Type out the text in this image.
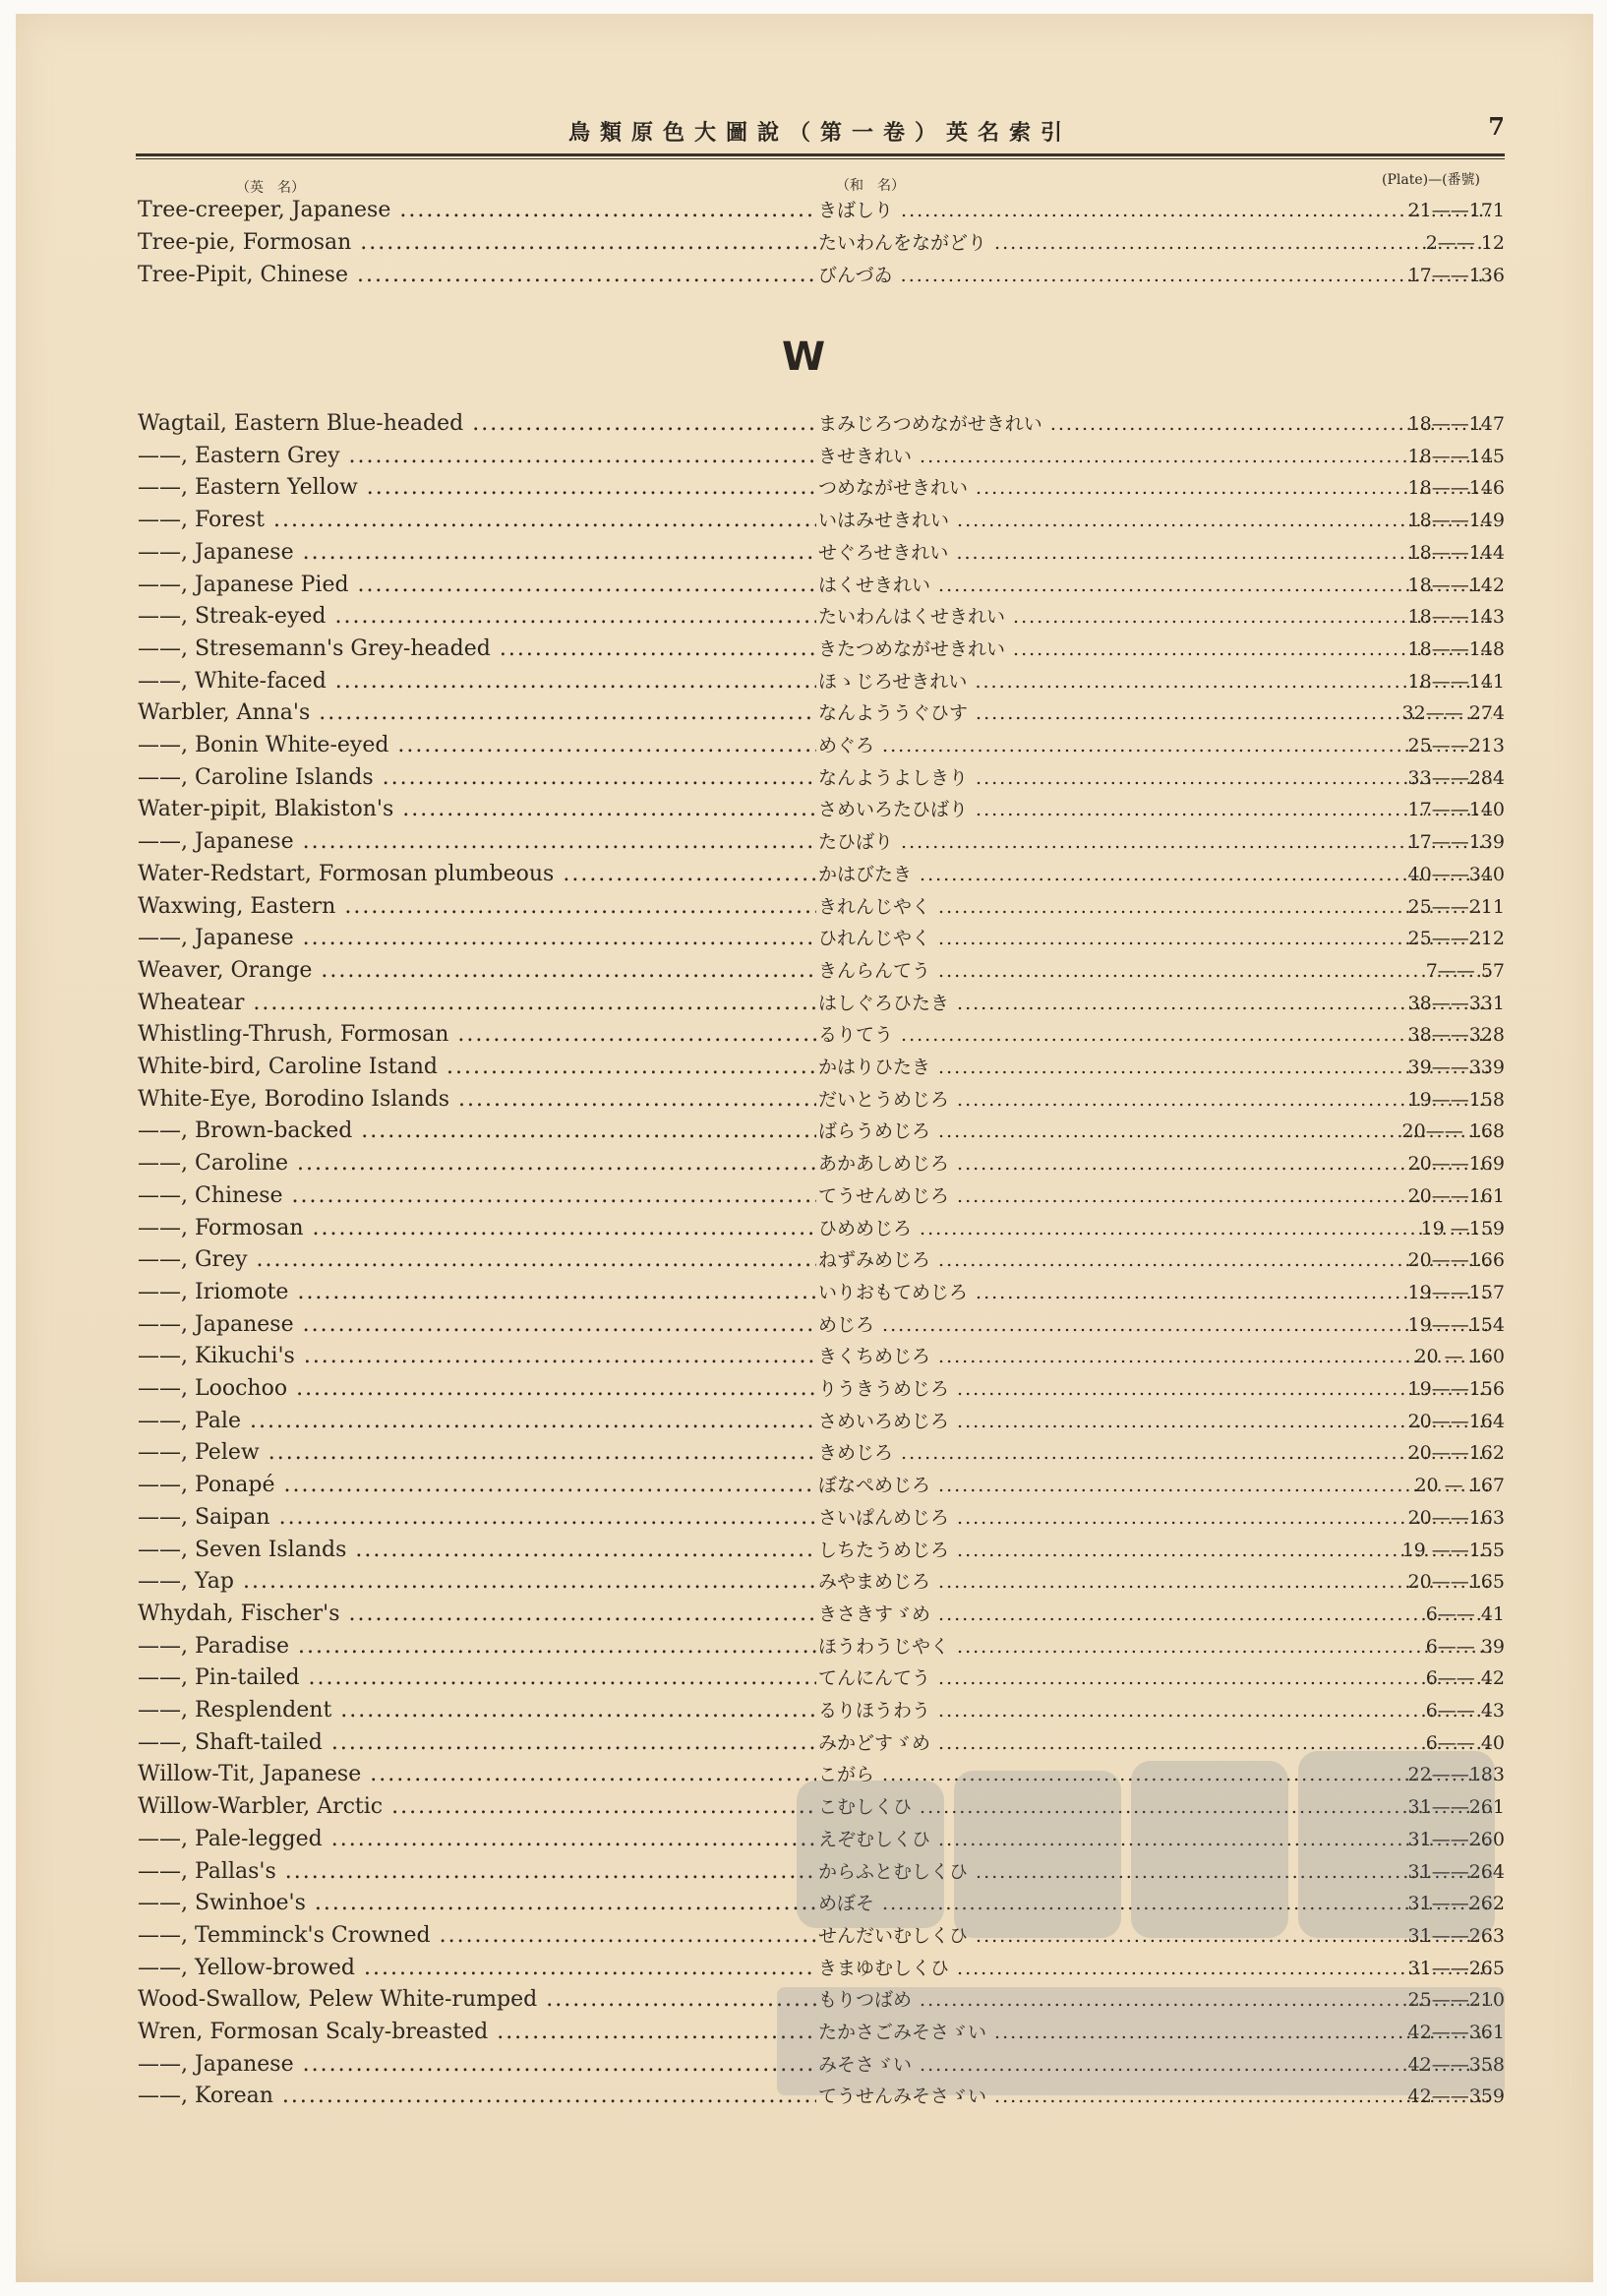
鳥類原色大圖說（第一卷）英名索引	7
（英　名）	（和　名）	(Plate)—(番號)
Tree-creeper, Japanese .....	きばしり .....	21——171
Tree-pie, Formosan .....	たいわんをながどり .....	2—— 12
Tree-Pipit, Chinese .....	びんづゐ .....	17——136
W
Wagtail, Eastern Blue-headed .....	まみじろつめながせきれい .....	18——147
——, Eastern Grey .....	きせきれい .....	18——145
——, Eastern Yellow .....	つめながせきれい .....	18——146
——, Forest .....	いはみせきれい .....	18——149
——, Japanese .....	せぐろせきれい .....	18——144
——, Japanese Pied .....	はくせきれい .....	18——142
——, Streak-eyed .....	たいわんはくせきれい .....	18——143
——, Stresemann's Grey-headed .....	きたつめながせきれい .....	18——148
——, White-faced .....	ほゝじろせきれい .....	18——141
Warbler, Anna's .....	なんよううぐひす .....	32—— 274
——, Bonin White-eyed .....	めぐろ .....	25——213
——, Caroline Islands .....	なんようよしきり .....	33——284
Water-pipit, Blakiston's .....	さめいろたひばり .....	17——140
——, Japanese .....	たひばり .....	17——139
Water-Redstart, Formosan plumbeous .....	かはびたき .....	40——340
Waxwing, Eastern .....	きれんじやく .....	25——211
——, Japanese .....	ひれんじやく .....	25——212
Weaver, Orange .....	きんらんてう .....	7—— 57
Wheatear .....	はしぐろひたき .....	38——331
Whistling-Thrush, Formosan .....	るりてう .....	38——328
White-bird, Caroline Istand .....	かはりひたき .....	39——339
White-Eye, Borodino Islands .....	だいとうめじろ .....	19——158
——, Brown-backed .....	ばらうめじろ .....	20—— 168
——, Caroline .....	あかあしめじろ .....	20——169
——, Chinese .....	てうせんめじろ .....	20——161
——, Formosan .....	ひめめじろ .....	19 —159
——, Grey .....	ねずみめじろ .....	20——166
——, Iriomote .....	いりおもてめじろ .....	19——157
——, Japanese .....	めじろ .....	19——154
——, Kikuchi's .....	きくちめじろ .....	20 — 160
——, Loochoo .....	りうきうめじろ .....	19——156
——, Pale .....	さめいろめじろ .....	20——164
——, Pelew .....	きめじろ .....	20——162
——, Ponapé .....	ぼなぺめじろ .....	20 — 167
——, Saipan .....	さいぱんめじろ .....	20——163
——, Seven Islands .....	しちたうめじろ .....	19 ——155
——, Yap .....	みやまめじろ .....	20——165
Whydah, Fischer's .....	きさきすゞめ .....	6—— 41
——, Paradise .....	ほうわうじやく .....	6—— 39
——, Pin-tailed .....	てんにんてう .....	6—— 42
——, Resplendent .....	るりほうわう .....	6—— 43
——, Shaft-tailed .....	みかどすゞめ .....	6—— 40
Willow-Tit, Japanese .....	こがら .....	22——183
Willow-Warbler, Arctic .....	こむしくひ .....	31——261
——, Pale-legged .....	えぞむしくひ .....	31——260
——, Pallas's .....	からふとむしくひ .....	31——264
——, Swinhoe's .....	めぼそ .....	31——262
——, Temminck's Crowned .....	せんだいむしくひ .....	31——263
——, Yellow-browed .....	きまゆむしくひ .....	31——265
Wood-Swallow, Pelew White-rumped .....	もりつばめ .....	25——210
Wren, Formosan Scaly-breasted .....	たかさごみそさゞい .....	42——361
——, Japanese .....	みそさゞい .....	42——358
——, Korean .....	てうせんみそさゞい .....	42——359
